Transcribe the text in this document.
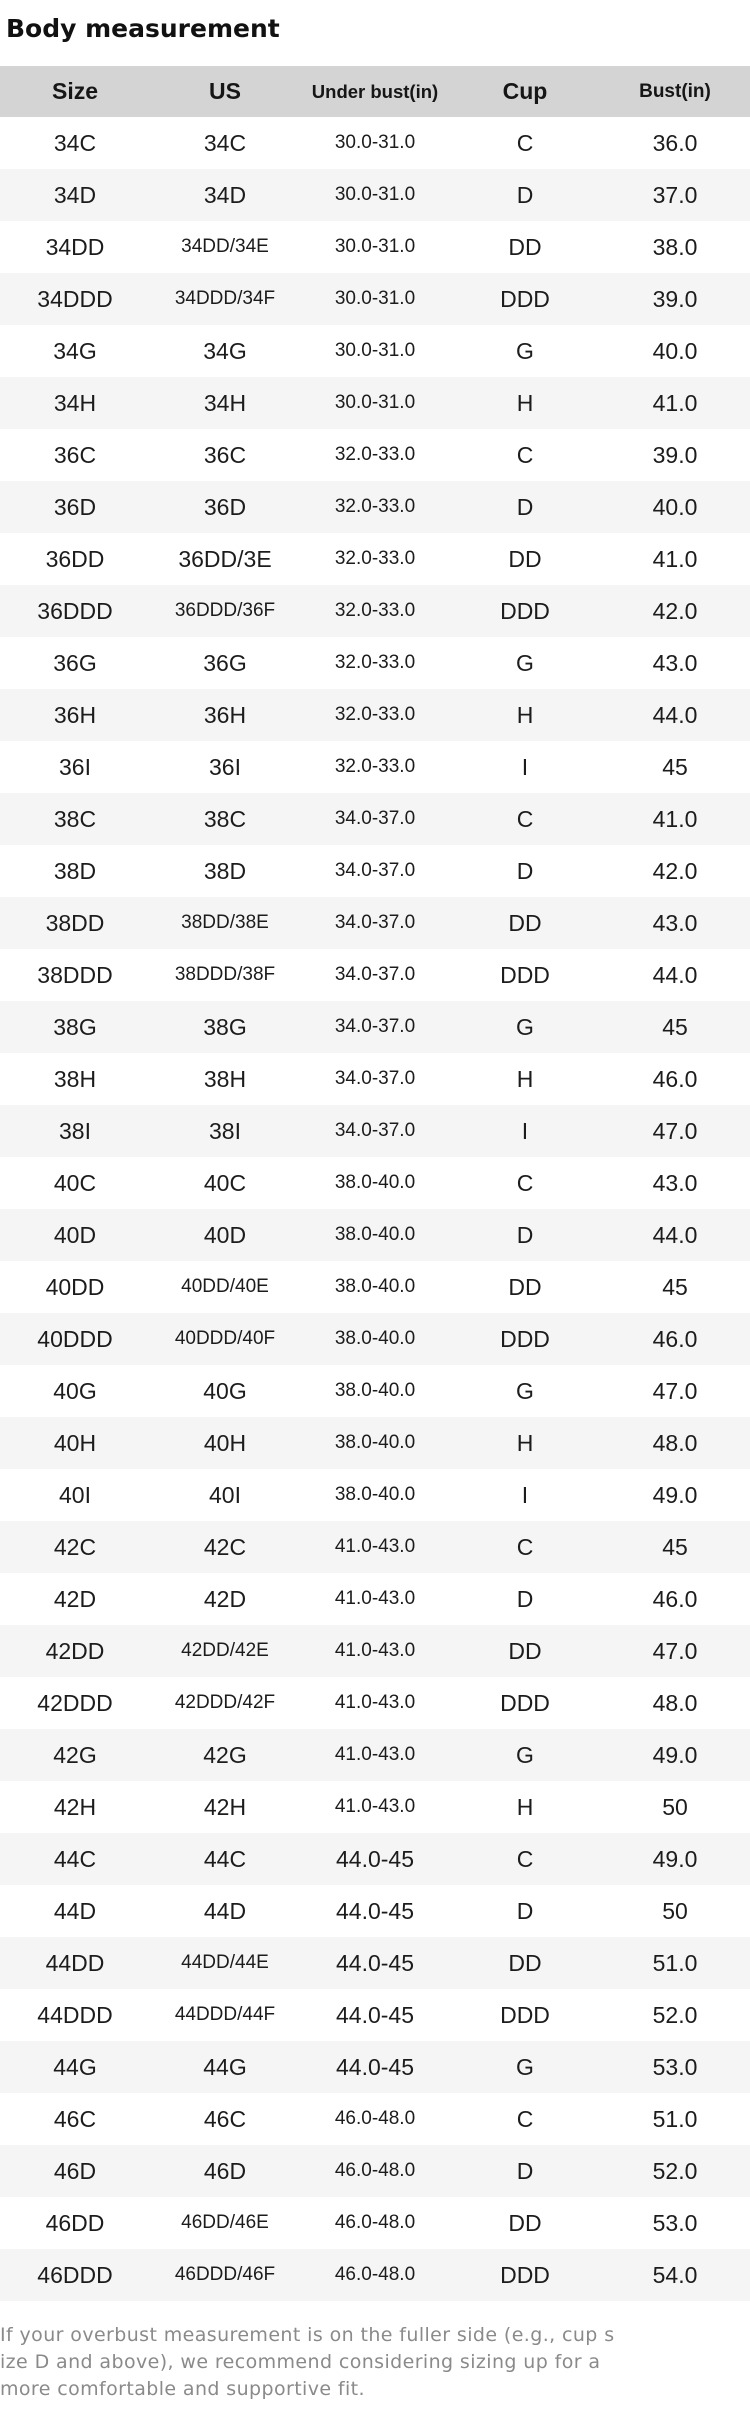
Body measurement
Size	US	Under bust(in)	Cup	Bust(in)
34C	34C	30.0-31.0	C	36.0
34D	34D	30.0-31.0	D	37.0
34DD	34DD/34E	30.0-31.0	DD	38.0
34DDD	34DDD/34F	30.0-31.0	DDD	39.0
34G	34G	30.0-31.0	G	40.0
34H	34H	30.0-31.0	H	41.0
36C	36C	32.0-33.0	C	39.0
36D	36D	32.0-33.0	D	40.0
36DD	36DD/3E	32.0-33.0	DD	41.0
36DDD	36DDD/36F	32.0-33.0	DDD	42.0
36G	36G	32.0-33.0	G	43.0
36H	36H	32.0-33.0	H	44.0
36I	36I	32.0-33.0	I	45
38C	38C	34.0-37.0	C	41.0
38D	38D	34.0-37.0	D	42.0
38DD	38DD/38E	34.0-37.0	DD	43.0
38DDD	38DDD/38F	34.0-37.0	DDD	44.0
38G	38G	34.0-37.0	G	45
38H	38H	34.0-37.0	H	46.0
38I	38I	34.0-37.0	I	47.0
40C	40C	38.0-40.0	C	43.0
40D	40D	38.0-40.0	D	44.0
40DD	40DD/40E	38.0-40.0	DD	45
40DDD	40DDD/40F	38.0-40.0	DDD	46.0
40G	40G	38.0-40.0	G	47.0
40H	40H	38.0-40.0	H	48.0
40I	40I	38.0-40.0	I	49.0
42C	42C	41.0-43.0	C	45
42D	42D	41.0-43.0	D	46.0
42DD	42DD/42E	41.0-43.0	DD	47.0
42DDD	42DDD/42F	41.0-43.0	DDD	48.0
42G	42G	41.0-43.0	G	49.0
42H	42H	41.0-43.0	H	50
44C	44C	44.0-45	C	49.0
44D	44D	44.0-45	D	50
44DD	44DD/44E	44.0-45	DD	51.0
44DDD	44DDD/44F	44.0-45	DDD	52.0
44G	44G	44.0-45	G	53.0
46C	46C	46.0-48.0	C	51.0
46D	46D	46.0-48.0	D	52.0
46DD	46DD/46E	46.0-48.0	DD	53.0
46DDD	46DDD/46F	46.0-48.0	DDD	54.0
If your overbust measurement is on the fuller side (e.g., cup s
ize D and above), we recommend considering sizing up for a
more comfortable and supportive fit.
